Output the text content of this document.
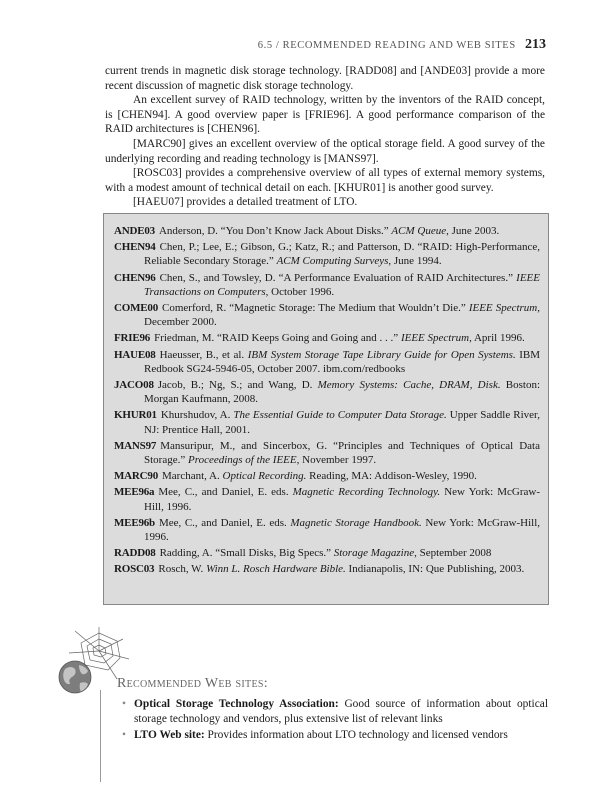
6.5 / RECOMMENDED READING AND WEB SITES 213

current trends in magnetic disk storage technology. [RADD08] and [ANDE03] provide a more recent discussion of magnetic disk storage technology.

An excellent survey of RAID technology, written by the inventors of the RAID concept, is [CHEN94]. A good overview paper is [FRIE96]. A good performance comparison of the RAID architectures is [CHEN96].

[MARC90] gives an excellent overview of the optical storage field. A good survey of the underlying recording and reading technology is [MANS97].

[ROSC03] provides a comprehensive overview of all types of external memory systems, with a modest amount of technical detail on each. [KHUR01] is another good survey.

[HAEU07] provides a detailed treatment of LTO.

ANDE03 Anderson, D. “You Don’t Know Jack About Disks.” ACM Queue, June 2003.

CHEN94 Chen, P.; Lee, E.; Gibson, G.; Katz, R.; and Patterson, D. “RAID: High-Performance, Reliable Secondary Storage.” ACM Computing Surveys, June 1994.

CHEN96 Chen, S., and Towsley, D. “A Performance Evaluation of RAID Architectures.” IEEE Transactions on Computers, October 1996.

COME00 Comerford, R. “Magnetic Storage: The Medium that Wouldn’t Die.” IEEE Spectrum, December 2000.

FRIE96 Friedman, M. “RAID Keeps Going and Going and . . .” IEEE Spectrum, April 1996.

HAUE08 Haeusser, B., et al. IBM System Storage Tape Library Guide for Open Systems. IBM Redbook SG24-5946-05, October 2007. ibm.com/redbooks

JACO08 Jacob, B.; Ng, S.; and Wang, D. Memory Systems: Cache, DRAM, Disk. Boston: Morgan Kaufmann, 2008.

KHUR01 Khurshudov, A. The Essential Guide to Computer Data Storage. Upper Saddle River, NJ: Prentice Hall, 2001.

MANS97 Mansuripur, M., and Sincerbox, G. “Principles and Techniques of Optical Data Storage.” Proceedings of the IEEE, November 1997.

MARC90 Marchant, A. Optical Recording. Reading, MA: Addison-Wesley, 1990.

MEE96a Mee, C., and Daniel, E. eds. Magnetic Recording Technology. New York: McGraw-Hill, 1996.

MEE96b Mee, C., and Daniel, E. eds. Magnetic Storage Handbook. New York: McGraw-Hill, 1996.

RADD08 Radding, A. “Small Disks, Big Specs.” Storage Magazine, September 2008

ROSC03 Rosch, W. Winn L. Rosch Hardware Bible. Indianapolis, IN: Que Publishing, 2003.

Recommended Web sites:
• Optical Storage Technology Association: Good source of information about optical storage technology and vendors, plus extensive list of relevant links
• LTO Web site: Provides information about LTO technology and licensed vendors
